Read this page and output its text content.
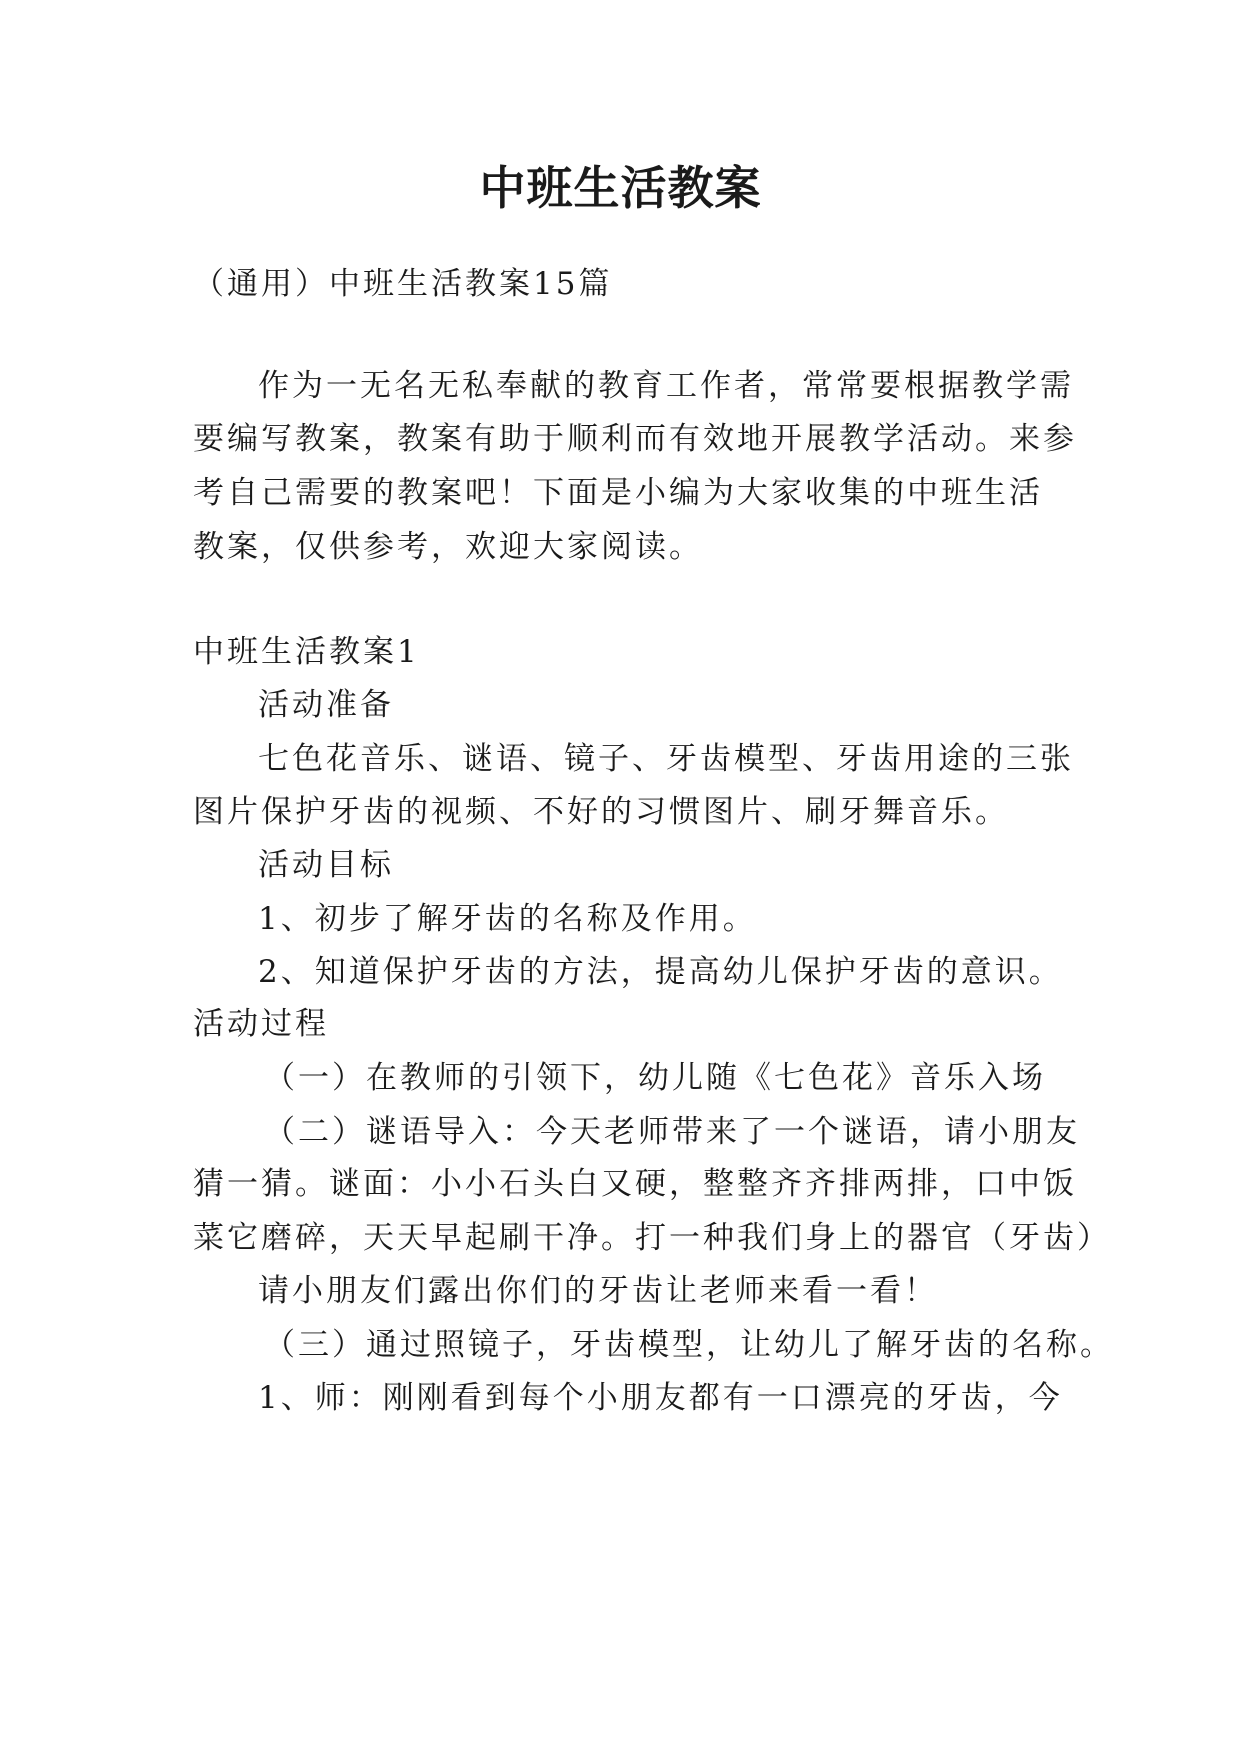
中班生活教案
（通用）中班生活教案15篇
作为一无名无私奉献的教育工作者，常常要根据教学需
要编写教案，教案有助于顺利而有效地开展教学活动。来参
考自己需要的教案吧！下面是小编为大家收集的中班生活
教案，仅供参考，欢迎大家阅读。
中班生活教案1
活动准备
七色花音乐、谜语、镜子、牙齿模型、牙齿用途的三张
图片保护牙齿的视频、不好的习惯图片、刷牙舞音乐。
活动目标
1、初步了解牙齿的名称及作用。
2、知道保护牙齿的方法，提高幼儿保护牙齿的意识。
活动过程
（一）在教师的引领下，幼儿随《七色花》音乐入场
（二）谜语导入：今天老师带来了一个谜语，请小朋友
猜一猜。谜面：小小石头白又硬，整整齐齐排两排，口中饭
菜它磨碎，天天早起刷干净。打一种我们身上的器官（牙齿）
请小朋友们露出你们的牙齿让老师来看一看！
（三）通过照镜子，牙齿模型，让幼儿了解牙齿的名称。
1、师：刚刚看到每个小朋友都有一口漂亮的牙齿，今
